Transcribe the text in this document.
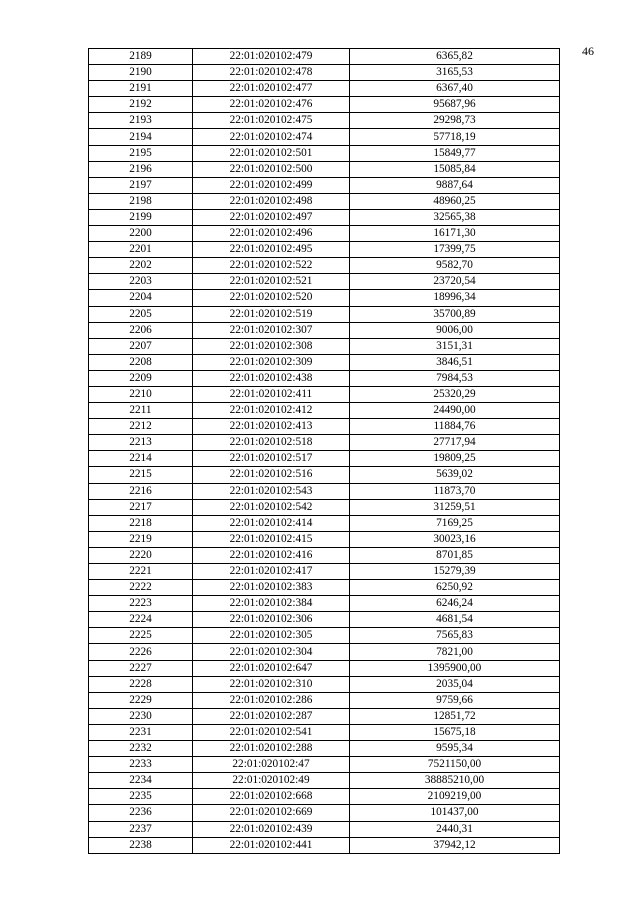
46
2189	22:01:020102:479	6365,82
2190	22:01:020102:478	3165,53
2191	22:01:020102:477	6367,40
2192	22:01:020102:476	95687,96
2193	22:01:020102:475	29298,73
2194	22:01:020102:474	57718,19
2195	22:01:020102:501	15849,77
2196	22:01:020102:500	15085,84
2197	22:01:020102:499	9887,64
2198	22:01:020102:498	48960,25
2199	22:01:020102:497	32565,38
2200	22:01:020102:496	16171,30
2201	22:01:020102:495	17399,75
2202	22:01:020102:522	9582,70
2203	22:01:020102:521	23720,54
2204	22:01:020102:520	18996,34
2205	22:01:020102:519	35700,89
2206	22:01:020102:307	9006,00
2207	22:01:020102:308	3151,31
2208	22:01:020102:309	3846,51
2209	22:01:020102:438	7984,53
2210	22:01:020102:411	25320,29
2211	22:01:020102:412	24490,00
2212	22:01:020102:413	11884,76
2213	22:01:020102:518	27717,94
2214	22:01:020102:517	19809,25
2215	22:01:020102:516	5639,02
2216	22:01:020102:543	11873,70
2217	22:01:020102:542	31259,51
2218	22:01:020102:414	7169,25
2219	22:01:020102:415	30023,16
2220	22:01:020102:416	8701,85
2221	22:01:020102:417	15279,39
2222	22:01:020102:383	6250,92
2223	22:01:020102:384	6246,24
2224	22:01:020102:306	4681,54
2225	22:01:020102:305	7565,83
2226	22:01:020102:304	7821,00
2227	22:01:020102:647	1395900,00
2228	22:01:020102:310	2035,04
2229	22:01:020102:286	9759,66
2230	22:01:020102:287	12851,72
2231	22:01:020102:541	15675,18
2232	22:01:020102:288	9595,34
2233	22:01:020102:47	7521150,00
2234	22:01:020102:49	38885210,00
2235	22:01:020102:668	2109219,00
2236	22:01:020102:669	101437,00
2237	22:01:020102:439	2440,31
2238	22:01:020102:441	37942,12
